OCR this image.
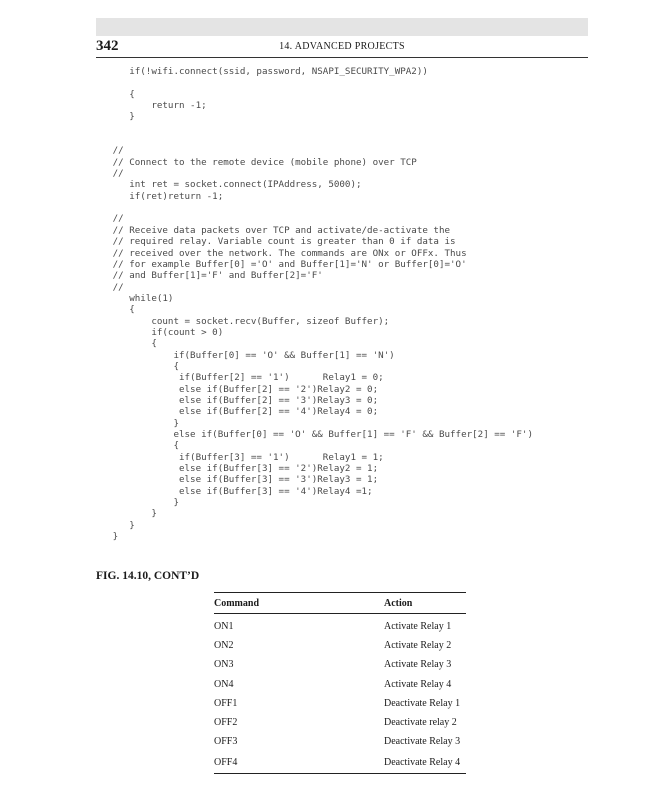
342	14. ADVANCED PROJECTS
if(!wifi.connect(ssid, password, NSAPI_SECURITY_WPA2))
{
return -1;
}
//
// Connect to the remote device (mobile phone) over TCP
//
int ret = socket.connect(IPAddress, 5000);
if(ret)return -1;
//
// Receive data packets over TCP and activate/de-activate the
// required relay. Variable count is greater than 0 if data is
// received over the network. The commands are ONx or OFFx. Thus
// for example Buffer[0] ='O' and Buffer[1]='N' or Buffer[0]='O'
// and Buffer[1]='F' and Buffer[2]='F'
//
while(1)
{
count = socket.recv(Buffer, sizeof Buffer);
if(count > 0)
{
if(Buffer[0] == 'O' && Buffer[1] == 'N')
{
if(Buffer[2] == '1')      Relay1 = 0;
else if(Buffer[2] == '2')Relay2 = 0;
else if(Buffer[2] == '3')Relay3 = 0;
else if(Buffer[2] == '4')Relay4 = 0;
}
else if(Buffer[0] == 'O' && Buffer[1] == 'F' && Buffer[2] == 'F')
{
if(Buffer[3] == '1')      Relay1 = 1;
else if(Buffer[3] == '2')Relay2 = 1;
else if(Buffer[3] == '3')Relay3 = 1;
else if(Buffer[3] == '4')Relay4 =1;
}
}
}
}
FIG. 14.10, CONT’D
Command	Action
ON1	Activate Relay 1
ON2	Activate Relay 2
ON3	Activate Relay 3
ON4	Activate Relay 4
OFF1	Deactivate Relay 1
OFF2	Deactivate relay 2
OFF3	Deactivate Relay 3
OFF4	Deactivate Relay 4
